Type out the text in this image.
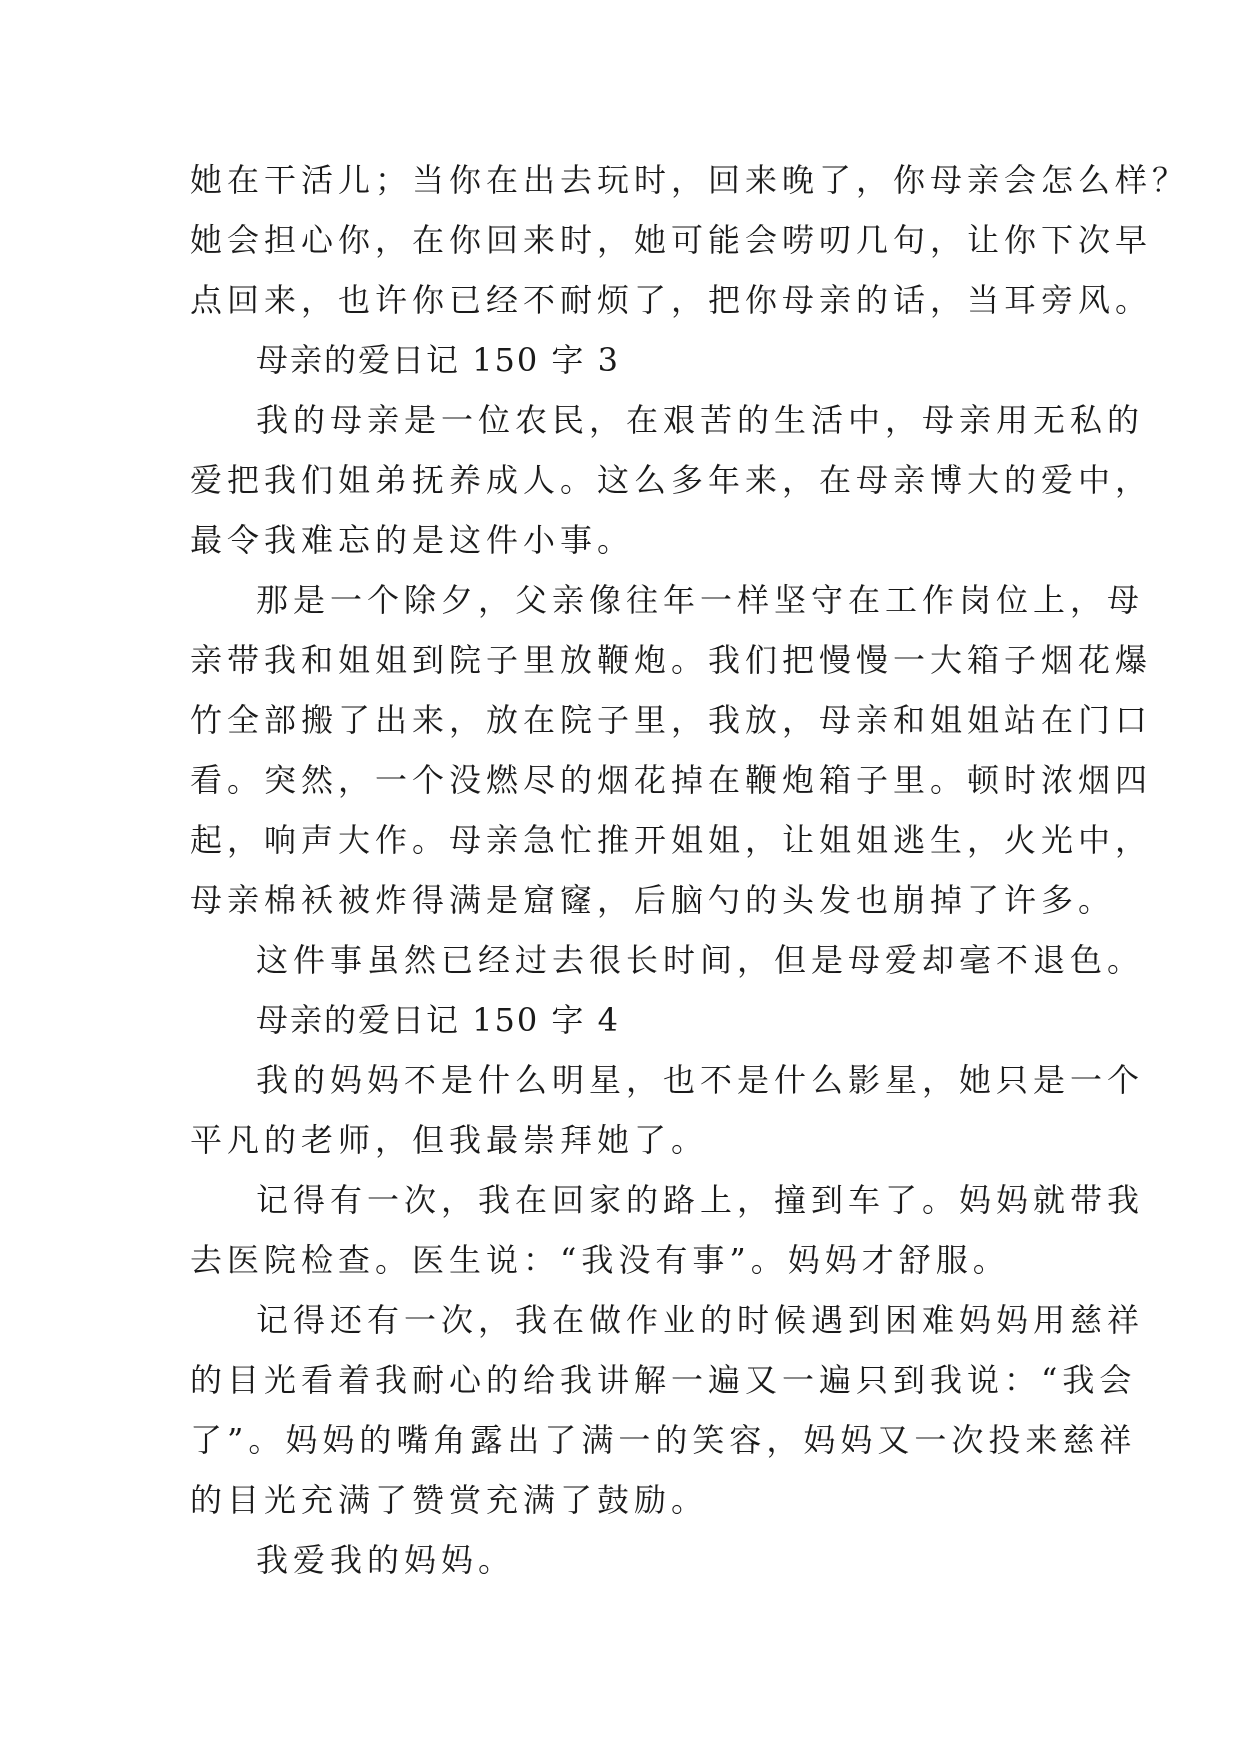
她在干活儿；当你在出去玩时，回来晚了，你母亲会怎么样？
她会担心你，在你回来时，她可能会唠叨几句，让你下次早
点回来，也许你已经不耐烦了，把你母亲的话，当耳旁风。
母亲的爱日记 150 字 3
我的母亲是一位农民，在艰苦的生活中，母亲用无私的
爱把我们姐弟抚养成人。这么多年来，在母亲博大的爱中，
最令我难忘的是这件小事。
那是一个除夕，父亲像往年一样坚守在工作岗位上，母
亲带我和姐姐到院子里放鞭炮。我们把慢慢一大箱子烟花爆
竹全部搬了出来，放在院子里，我放，母亲和姐姐站在门口
看。突然，一个没燃尽的烟花掉在鞭炮箱子里。顿时浓烟四
起，响声大作。母亲急忙推开姐姐，让姐姐逃生，火光中，
母亲棉袄被炸得满是窟窿，后脑勺的头发也崩掉了许多。
这件事虽然已经过去很长时间，但是母爱却毫不退色。
母亲的爱日记 150 字 4
我的妈妈不是什么明星，也不是什么影星，她只是一个
平凡的老师，但我最崇拜她了。
记得有一次，我在回家的路上，撞到车了。妈妈就带我
去医院检查。医生说：“我没有事”。妈妈才舒服。
记得还有一次，我在做作业的时候遇到困难妈妈用慈祥
的目光看着我耐心的给我讲解一遍又一遍只到我说：“我会
了”。妈妈的嘴角露出了满一的笑容，妈妈又一次投来慈祥
的目光充满了赞赏充满了鼓励。
我爱我的妈妈。
